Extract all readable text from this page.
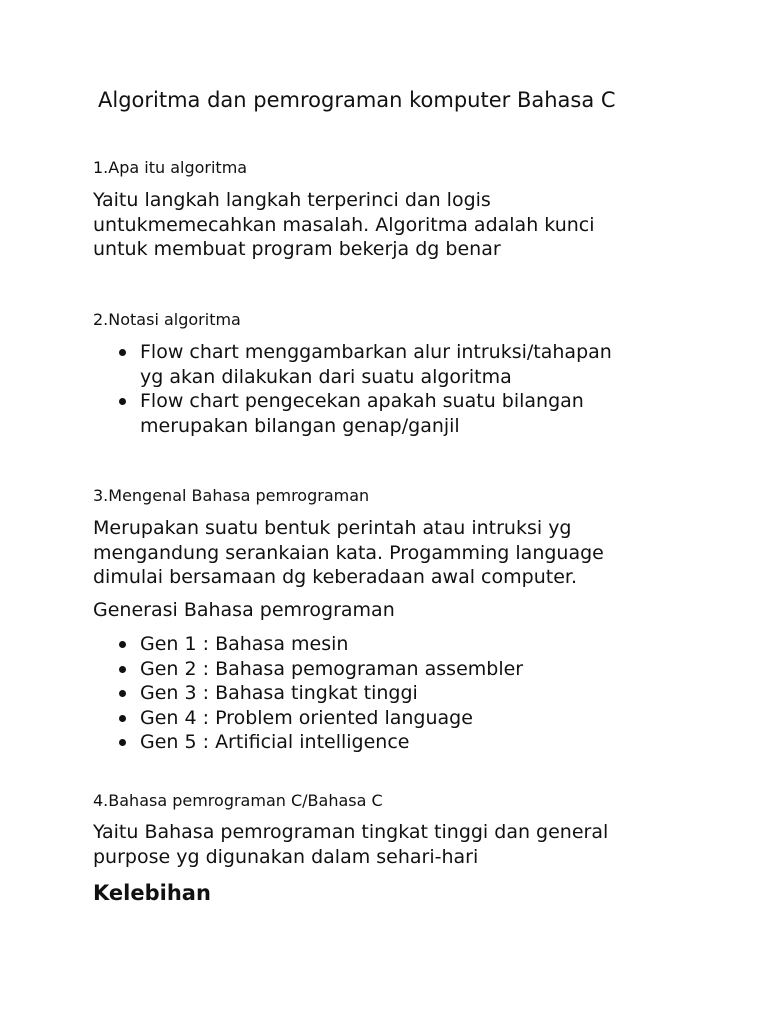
Algoritma dan pemrograman komputer Bahasa C
1.Apa itu algoritma
Yaitu langkah langkah terperinci dan logis
untukmemecahkan masalah. Algoritma adalah kunci
untuk membuat program bekerja dg benar
2.Notasi algoritma
Flow chart menggambarkan alur intruksi/tahapan
yg akan dilakukan dari suatu algoritma
Flow chart pengecekan apakah suatu bilangan
merupakan bilangan genap/ganjil
3.Mengenal Bahasa pemrograman
Merupakan suatu bentuk perintah atau intruksi yg
mengandung serankaian kata. Progamming language
dimulai bersamaan dg keberadaan awal computer.
Generasi Bahasa pemrograman
Gen 1 : Bahasa mesin
Gen 2 : Bahasa pemograman assembler
Gen 3 : Bahasa tingkat tinggi
Gen 4 : Problem oriented language
Gen 5 : Artificial intelligence
4.Bahasa pemrograman C/Bahasa C
Yaitu Bahasa pemrograman tingkat tinggi dan general
purpose yg digunakan dalam sehari-hari
Kelebihan
